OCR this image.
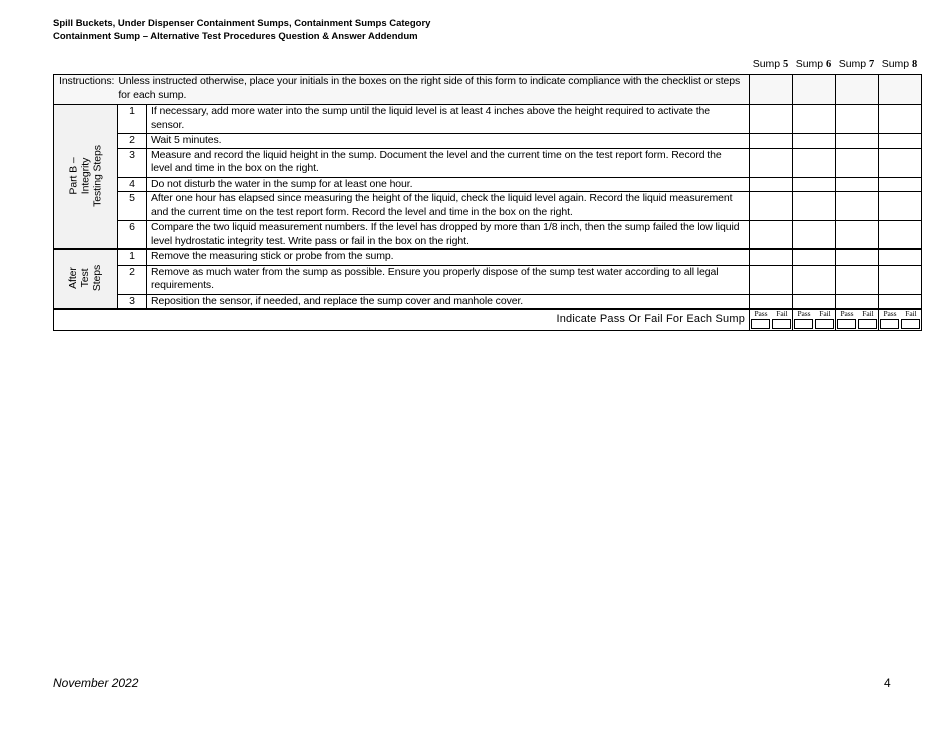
Spill Buckets, Under Dispenser Containment Sumps, Containment Sumps Category
Containment Sump – Alternative Test Procedures Question & Answer Addendum
Sump 5 Sump 6 Sump 7 Sump 8
Instructions: Unless instructed otherwise, place your initials in the boxes on the right side of this form to indicate compliance with the checklist or steps for each sump.						

Part B – Integrity
Testing Steps	1	If necessary, add more water into the sump until the liquid level is at least 4 inches above the height required to activate the sensor.				
	2	Wait 5 minutes.				
	3	Measure and record the liquid height in the sump. Document the level and the current time on the test report form. Record the level and time in the box on the right.				
	4	Do not disturb the water in the sump for at least one hour.				
	5	After one hour has elapsed since measuring the height of the liquid, check the liquid level again. Record the liquid measurement and the current time on the test report form. Record the level and time in the box on the right.				
	6	Compare the two liquid measurement numbers. If the level has dropped by more than 1/8 inch, then the sump failed the low liquid level hydrostatic integrity test. Write pass or fail in the box on the right.				
After
Test
Steps	1	Remove the measuring stick or probe from the sump.				
	2	Remove as much water from the sump as possible. Ensure you properly dispose of the sump test water according to all legal requirements.				
	3	Reposition the sensor, if needed, and replace the sump cover and manhole cover.				
Indicate Pass Or Fail For Each Sump			Pass Fail	Pass Fail	Pass Fail	Pass Fail
November 2022	4
